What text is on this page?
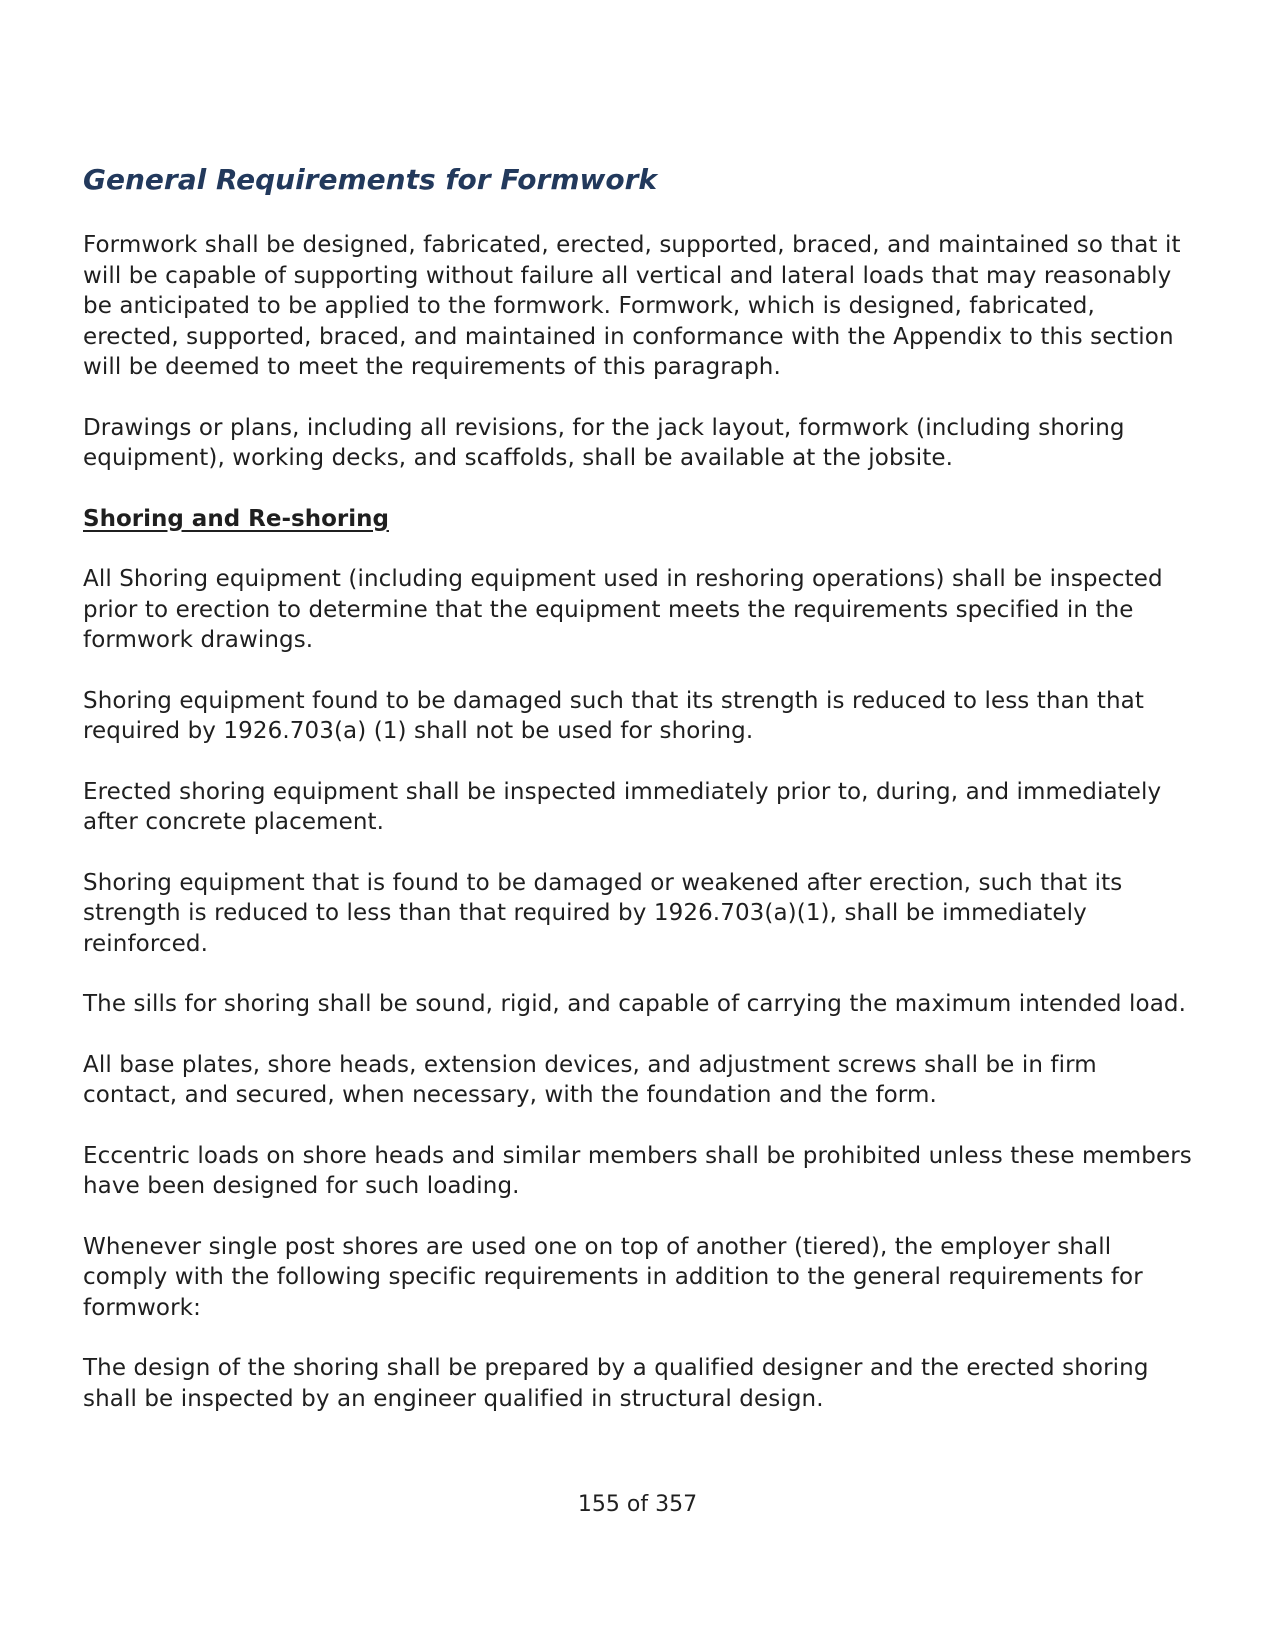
General Requirements for Formwork

Formwork shall be designed, fabricated, erected, supported, braced, and maintained so that it will be capable of supporting without failure all vertical and lateral loads that may reasonably be anticipated to be applied to the formwork. Formwork, which is designed, fabricated, erected, supported, braced, and maintained in conformance with the Appendix to this section will be deemed to meet the requirements of this paragraph.

Drawings or plans, including all revisions, for the jack layout, formwork (including shoring equipment), working decks, and scaffolds, shall be available at the jobsite.

Shoring and Re-shoring

All Shoring equipment (including equipment used in reshoring operations) shall be inspected prior to erection to determine that the equipment meets the requirements specified in the formwork drawings.

Shoring equipment found to be damaged such that its strength is reduced to less than that required by 1926.703(a) (1) shall not be used for shoring.

Erected shoring equipment shall be inspected immediately prior to, during, and immediately after concrete placement.

Shoring equipment that is found to be damaged or weakened after erection, such that its strength is reduced to less than that required by 1926.703(a)(1), shall be immediately reinforced.

The sills for shoring shall be sound, rigid, and capable of carrying the maximum intended load.

All base plates, shore heads, extension devices, and adjustment screws shall be in firm contact, and secured, when necessary, with the foundation and the form.

Eccentric loads on shore heads and similar members shall be prohibited unless these members have been designed for such loading.

Whenever single post shores are used one on top of another (tiered), the employer shall comply with the following specific requirements in addition to the general requirements for formwork:

The design of the shoring shall be prepared by a qualified designer and the erected shoring shall be inspected by an engineer qualified in structural design.

155 of 357
